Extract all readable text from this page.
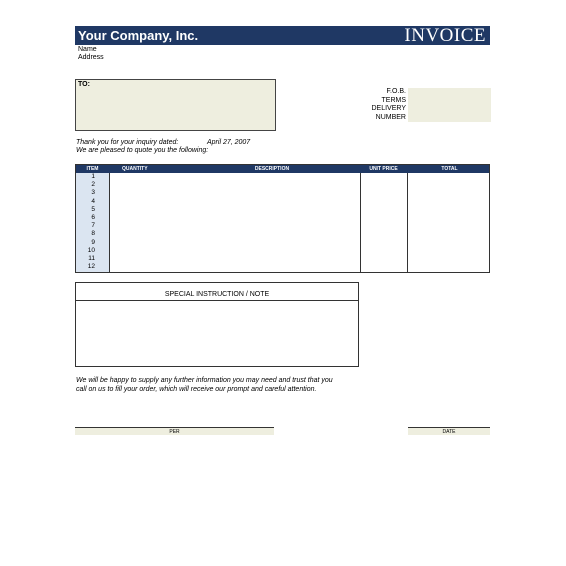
Your Company, Inc.	INVOICE
Name
Address
TO:
F.O.B.
TERMS
DELIVERY
NUMBER
Thank you for your inquiry dated:	April 27, 2007
We are pleased to quote you the following:
ITEM	QUANTITY	DESCRIPTION	UNIT PRICE	TOTAL
1
2
3
4
5
6
7
8
9
10
11
12
SPECIAL INSTRUCTION / NOTE
We will be happy to supply any further information you may need and trust that you
call on us to fill your order, which will receive our prompt and careful attention.
PER	DATE
